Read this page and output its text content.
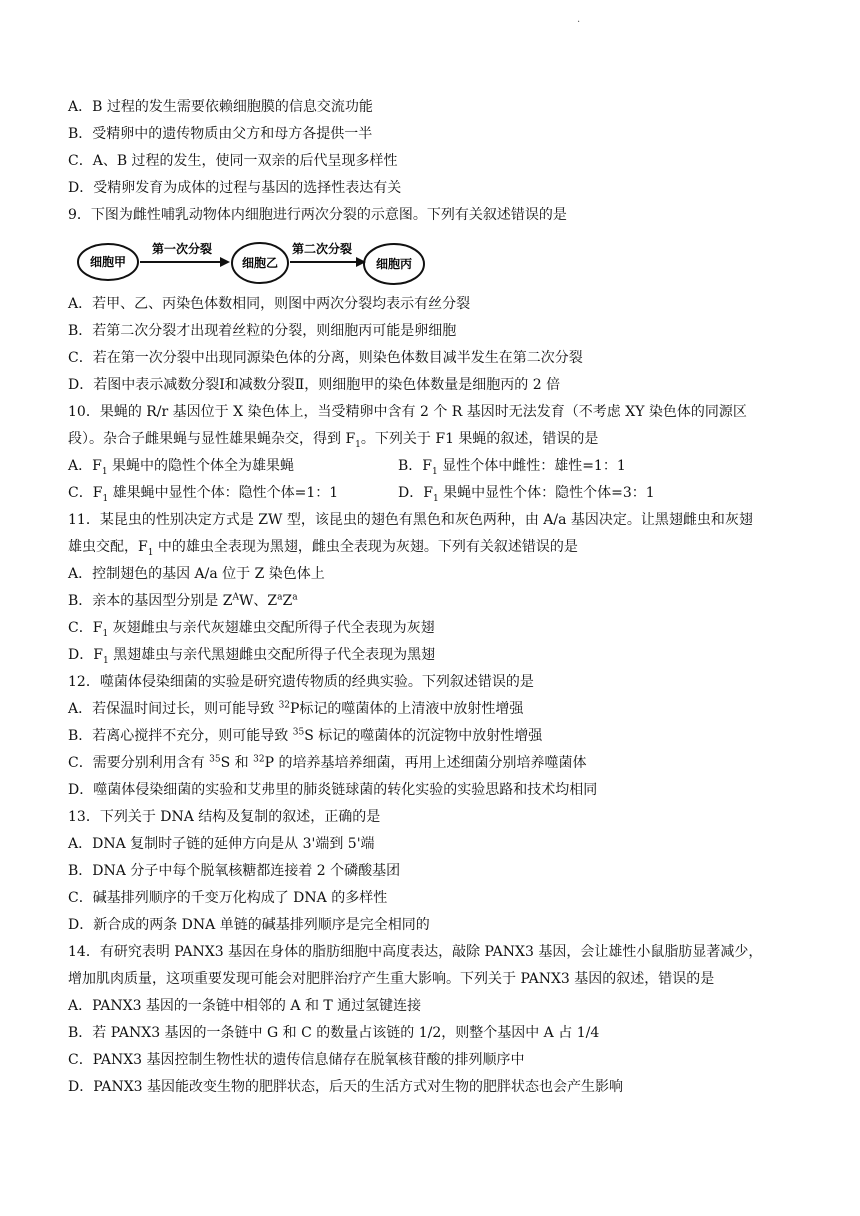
.
A．B 过程的发生需要依赖细胞膜的信息交流功能
B．受精卵中的遗传物质由父方和母方各提供一半
C．A、B 过程的发生，使同一双亲的后代呈现多样性
D．受精卵发育为成体的过程与基因的选择性表达有关
9．下图为雌性哺乳动物体内细胞进行两次分裂的示意图。下列有关叙述错误的是
细胞甲
第一次分裂
细胞乙
第二次分裂
细胞丙
A．若甲、乙、丙染色体数相同，则图中两次分裂均表示有丝分裂
B．若第二次分裂才出现着丝粒的分裂，则细胞丙可能是卵细胞
C．若在第一次分裂中出现同源染色体的分离，则染色体数目减半发生在第二次分裂
D．若图中表示减数分裂Ⅰ和减数分裂Ⅱ，则细胞甲的染色体数量是细胞丙的 2 倍
10．果蝇的 R/r 基因位于 X 染色体上，当受精卵中含有 2 个 R 基因时无法发育（不考虑 XY 染色体的同源区
段）。杂合子雌果蝇与显性雄果蝇杂交，得到 $F_1$。下列关于 F1 果蝇的叙述，错误的是
A．$F_1$ 果蝇中的隐性个体全为雄果蝇	B．$F_1$ 显性个体中雌性：雄性=1：1
C．$F_1$ 雄果蝇中显性个体：隐性个体=1：1	D．$F_1$ 果蝇中显性个体：隐性个体=3：1
11．某昆虫的性别决定方式是 ZW 型，该昆虫的翅色有黑色和灰色两种，由 A/a 基因决定。让黑翅雌虫和灰翅
雄虫交配，$F_1$ 中的雄虫全表现为黑翅，雌虫全表现为灰翅。下列有关叙述错误的是
A．控制翅色的基因 A/a 位于 Z 染色体上
B．亲本的基因型分别是 $Z^AW$、$Z^aZ^a$
C．$F_1$ 灰翅雌虫与亲代灰翅雄虫交配所得子代全表现为灰翅
D．$F_1$ 黑翅雄虫与亲代黑翅雌虫交配所得子代全表现为黑翅
12．噬菌体侵染细菌的实验是研究遗传物质的经典实验。下列叙述错误的是
A．若保温时间过长，则可能导致 $^{32}$P标记的噬菌体的上清液中放射性增强
B．若离心搅拌不充分，则可能导致 $^{35}$S 标记的噬菌体的沉淀物中放射性增强
C．需要分别利用含有 $^{35}$S 和 $^{32}$P 的培养基培养细菌，再用上述细菌分别培养噬菌体
D．噬菌体侵染细菌的实验和艾弗里的肺炎链球菌的转化实验的实验思路和技术均相同
13．下列关于 DNA 结构及复制的叙述，正确的是
A．DNA 复制时子链的延伸方向是从 3'端到 5'端
B．DNA 分子中每个脱氧核糖都连接着 2 个磷酸基团
C．碱基排列顺序的千变万化构成了 DNA 的多样性
D．新合成的两条 DNA 单链的碱基排列顺序是完全相同的
14．有研究表明 PANX3 基因在身体的脂肪细胞中高度表达，敲除 PANX3 基因，会让雄性小鼠脂肪显著减少，
增加肌肉质量，这项重要发现可能会对肥胖治疗产生重大影响。下列关于 PANX3 基因的叙述，错误的是
A．PANX3 基因的一条链中相邻的 A 和 T 通过氢键连接
B．若 PANX3 基因的一条链中 G 和 C 的数量占该链的 1/2，则整个基因中 A 占 1/4
C．PANX3 基因控制生物性状的遗传信息储存在脱氧核苷酸的排列顺序中
D．PANX3 基因能改变生物的肥胖状态，后天的生活方式对生物的肥胖状态也会产生影响
